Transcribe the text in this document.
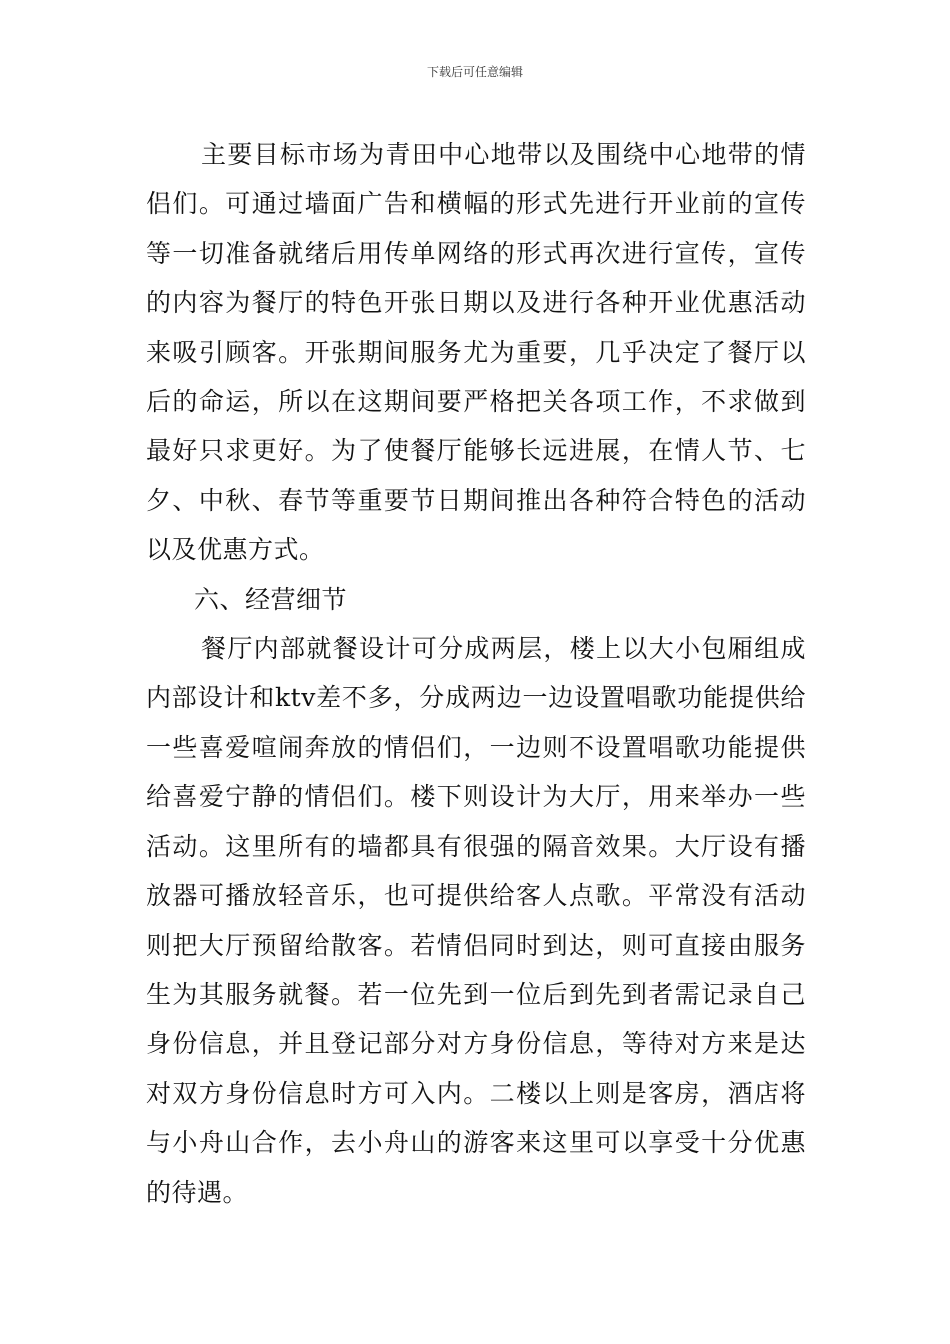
下载后可任意编辑

主要目标市场为青田中心地带以及围绕中心地带的情侣们。可通过墙面广告和横幅的形式先进行开业前的宣传等一切准备就绪后用传单网络的形式再次进行宣传，宣传的内容为餐厅的特色开张日期以及进行各种开业优惠活动来吸引顾客。开张期间服务尤为重要，几乎决定了餐厅以后的命运，所以在这期间要严格把关各项工作，不求做到最好只求更好。为了使餐厅能够长远进展，在情人节、七夕、中秋、春节等重要节日期间推出各种符合特色的活动以及优惠方式。

六、经营细节

餐厅内部就餐设计可分成两层，楼上以大小包厢组成内部设计和ktv差不多，分成两边一边设置唱歌功能提供给一些喜爱喧闹奔放的情侣们，一边则不设置唱歌功能提供给喜爱宁静的情侣们。楼下则设计为大厅，用来举办一些活动。这里所有的墙都具有很强的隔音效果。大厅设有播放器可播放轻音乐，也可提供给客人点歌。平常没有活动则把大厅预留给散客。若情侣同时到达，则可直接由服务生为其服务就餐。若一位先到一位后到先到者需记录自己身份信息，并且登记部分对方身份信息，等待对方来是达对双方身份信息时方可入内。二楼以上则是客房，酒店将与小舟山合作，去小舟山的游客来这里可以享受十分优惠的待遇。
